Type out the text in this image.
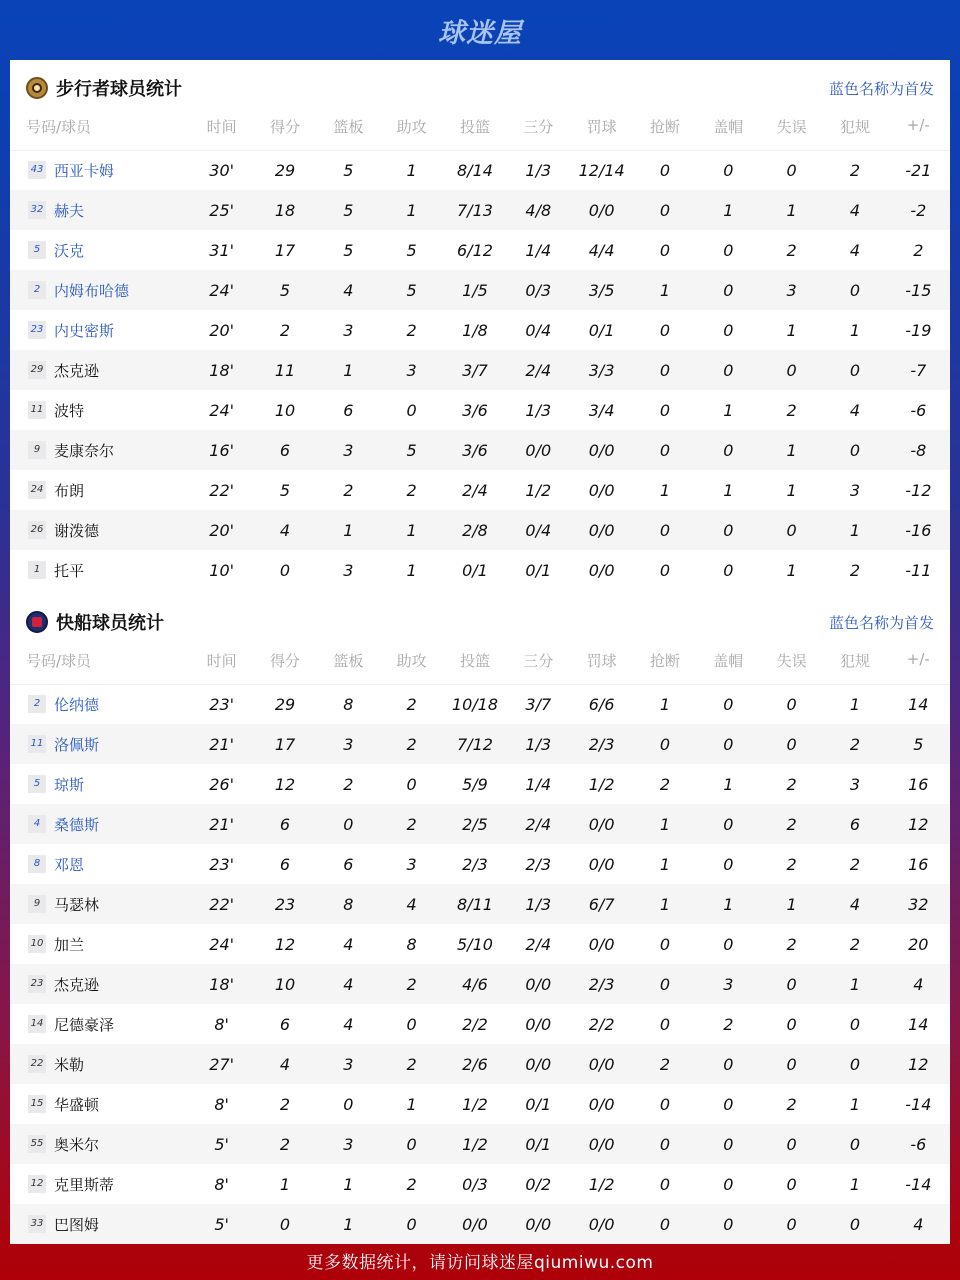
球迷屋
步行者球员统计	蓝色名称为首发
号码/球员	时间	得分	篮板	助攻	投篮	三分	罚球	抢断	盖帽	失误	犯规	+/-
43 西亚卡姆	30'	29	5	1	8/14	1/3	12/14	0	0	0	2	-21
32 赫夫	25'	18	5	1	7/13	4/8	0/0	0	1	1	4	-2
5 沃克	31'	17	5	5	6/12	1/4	4/4	0	0	2	4	2
2 内姆布哈德	24'	5	4	5	1/5	0/3	3/5	1	0	3	0	-15
23 内史密斯	20'	2	3	2	1/8	0/4	0/1	0	0	1	1	-19
29 杰克逊	18'	11	1	3	3/7	2/4	3/3	0	0	0	0	-7
11 波特	24'	10	6	0	3/6	1/3	3/4	0	1	2	4	-6
9 麦康奈尔	16'	6	3	5	3/6	0/0	0/0	0	0	1	0	-8
24 布朗	22'	5	2	2	2/4	1/2	0/0	1	1	1	3	-12
26 谢泼德	20'	4	1	1	2/8	0/4	0/0	0	0	0	1	-16
1 托平	10'	0	3	1	0/1	0/1	0/0	0	0	1	2	-11
快船球员统计	蓝色名称为首发
号码/球员	时间	得分	篮板	助攻	投篮	三分	罚球	抢断	盖帽	失误	犯规	+/-
2 伦纳德	23'	29	8	2	10/18	3/7	6/6	1	0	0	1	14
11 洛佩斯	21'	17	3	2	7/12	1/3	2/3	0	0	0	2	5
5 琼斯	26'	12	2	0	5/9	1/4	1/2	2	1	2	3	16
4 桑德斯	21'	6	0	2	2/5	2/4	0/0	1	0	2	6	12
8 邓恩	23'	6	6	3	2/3	2/3	0/0	1	0	2	2	16
9 马瑟林	22'	23	8	4	8/11	1/3	6/7	1	1	1	4	32
10 加兰	24'	12	4	8	5/10	2/4	0/0	0	0	2	2	20
23 杰克逊	18'	10	4	2	4/6	0/0	2/3	0	3	0	1	4
14 尼德豪泽	8'	6	4	0	2/2	0/0	2/2	0	2	0	0	14
22 米勒	27'	4	3	2	2/6	0/0	0/0	2	0	0	0	12
15 华盛顿	8'	2	0	1	1/2	0/1	0/0	0	0	2	1	-14
55 奥米尔	5'	2	3	0	1/2	0/1	0/0	0	0	0	0	-6
12 克里斯蒂	8'	1	1	2	0/3	0/2	1/2	0	0	0	1	-14
33 巴图姆	5'	0	1	0	0/0	0/0	0/0	0	0	0	0	4
更多数据统计，请访问球迷屋qiumiwu.com
